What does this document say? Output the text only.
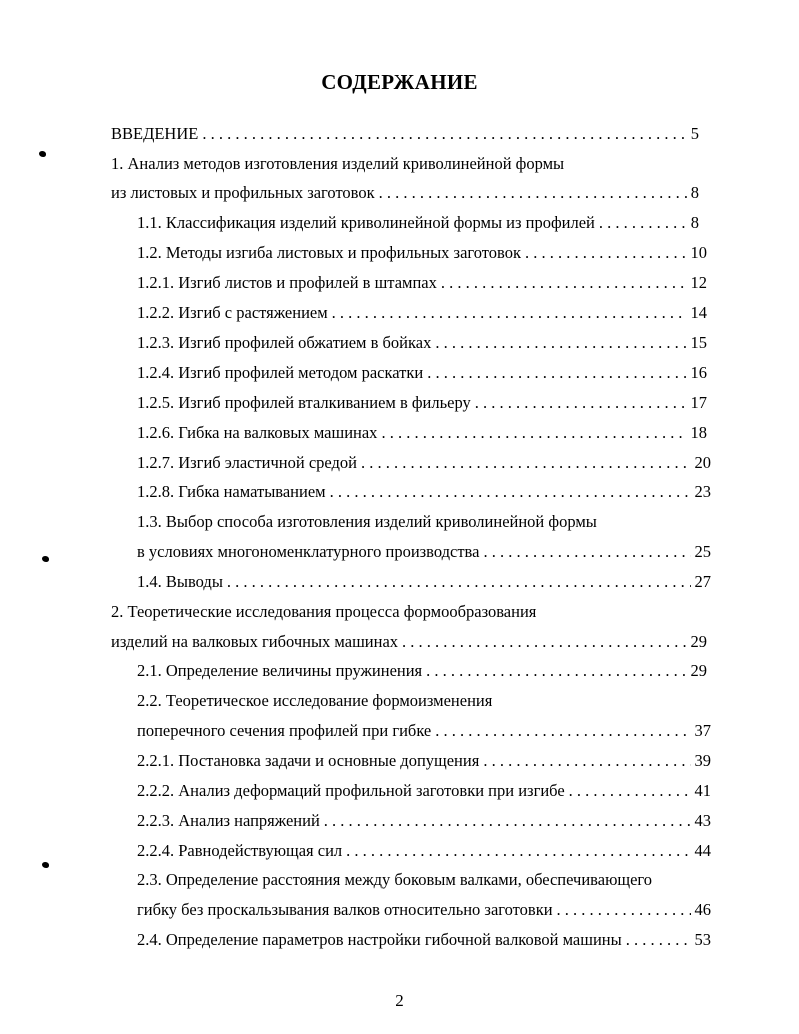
СОДЕРЖАНИЕ
ВВЕДЕНИЕ . . .	5
1. Анализ методов изготовления изделий криволинейной формы
из листовых и профильных заготовок . . .	8
1.1. Классификация изделий криволинейной формы из профилей . . .	8
1.2. Методы изгиба листовых и профильных заготовок . . .	10
1.2.1. Изгиб листов и профилей в штампах . . .	12
1.2.2. Изгиб с растяжением . . .	14
1.2.3. Изгиб профилей обжатием в бойках . . .	15
1.2.4. Изгиб профилей методом раскатки . . .	16
1.2.5. Изгиб профилей вталкиванием в фильеру . . .	17
1.2.6. Гибка на валковых машинах . . .	18
1.2.7. Изгиб эластичной средой . . .	20
1.2.8. Гибка наматыванием . . .	23
1.3. Выбор способа изготовления изделий криволинейной формы
в условиях многономенклатурного производства . . .	25
1.4. Выводы . . .	27
2. Теоретические исследования процесса формообразования
изделий на валковых гибочных машинах . . .	29
2.1. Определение величины пружинения . . .	29
2.2. Теоретическое исследование формоизменения
поперечного сечения профилей при гибке . . .	37
2.2.1. Постановка задачи и основные допущения . . .	39
2.2.2. Анализ деформаций профильной заготовки при изгибе . . .	41
2.2.3. Анализ напряжений . . .	43
2.2.4. Равнодействующая сил . . .	44
2.3. Определение расстояния между боковым валками, обеспечивающего
гибку без проскальзывания валков относительно заготовки . . .	46
2.4. Определение параметров настройки гибочной валковой машины . . .	53
2
